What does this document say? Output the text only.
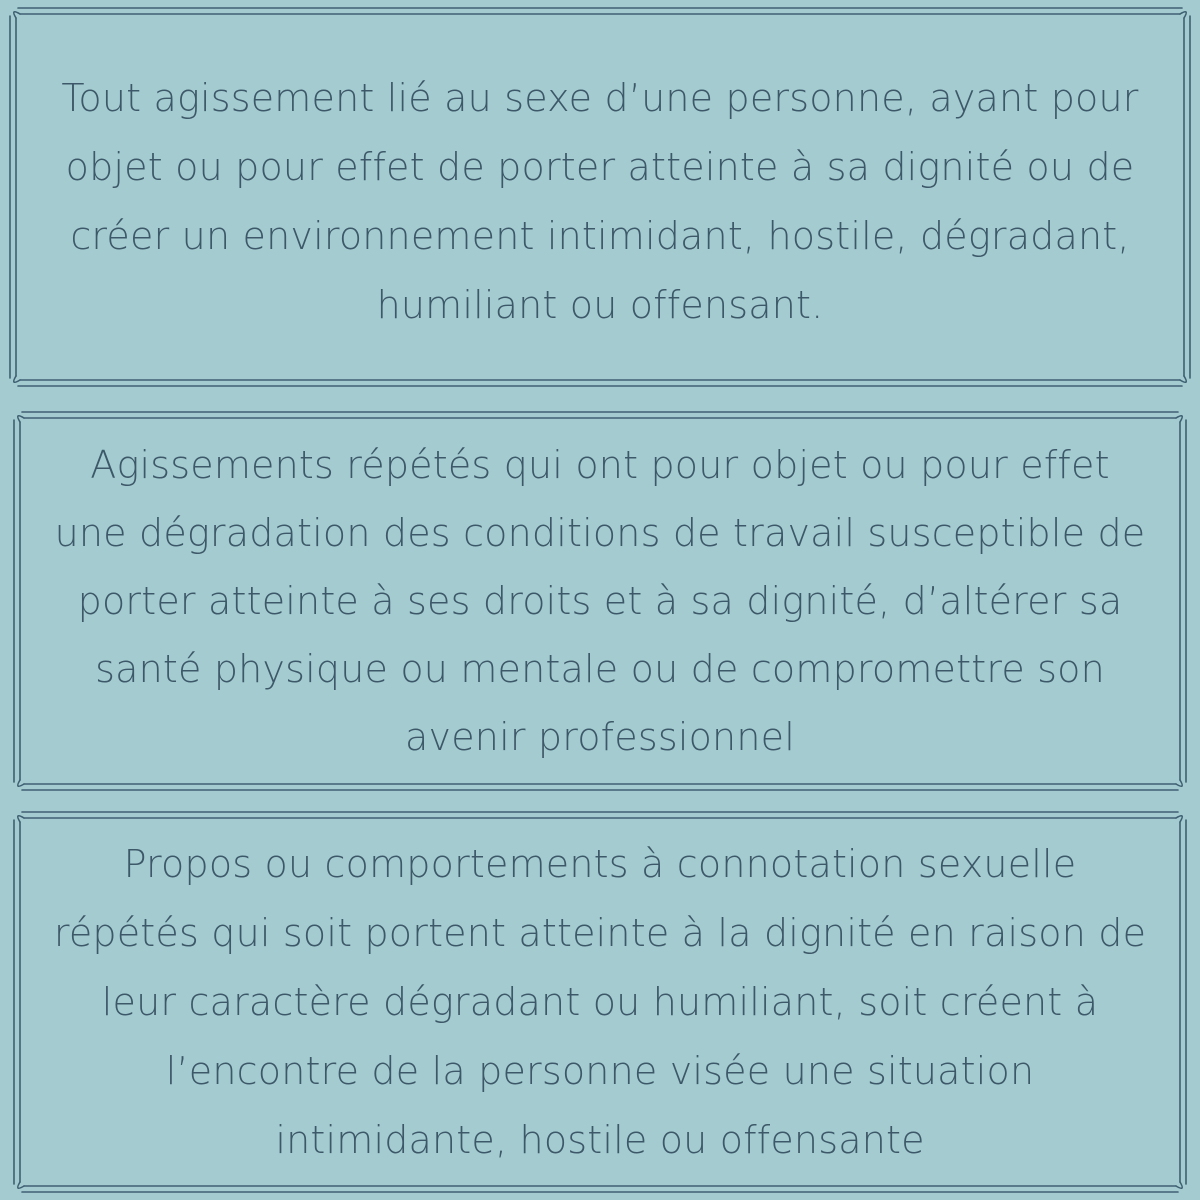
Tout agissement lié au sexe d’une personne, ayant pour objet ou pour effet de porter atteinte à sa dignité ou de créer un environnement intimidant, hostile, dégradant, humiliant ou offensant.
Agissements répétés qui ont pour objet ou pour effet une dégradation des conditions de travail susceptible de porter atteinte à ses droits et à sa dignité, d’altérer sa santé physique ou mentale ou de compromettre son avenir professionnel
Propos ou comportements à connotation sexuelle répétés qui soit portent atteinte à la dignité en raison de leur caractère dégradant ou humiliant, soit créent à l’encontre de la personne visée une situation intimidante, hostile ou offensante
